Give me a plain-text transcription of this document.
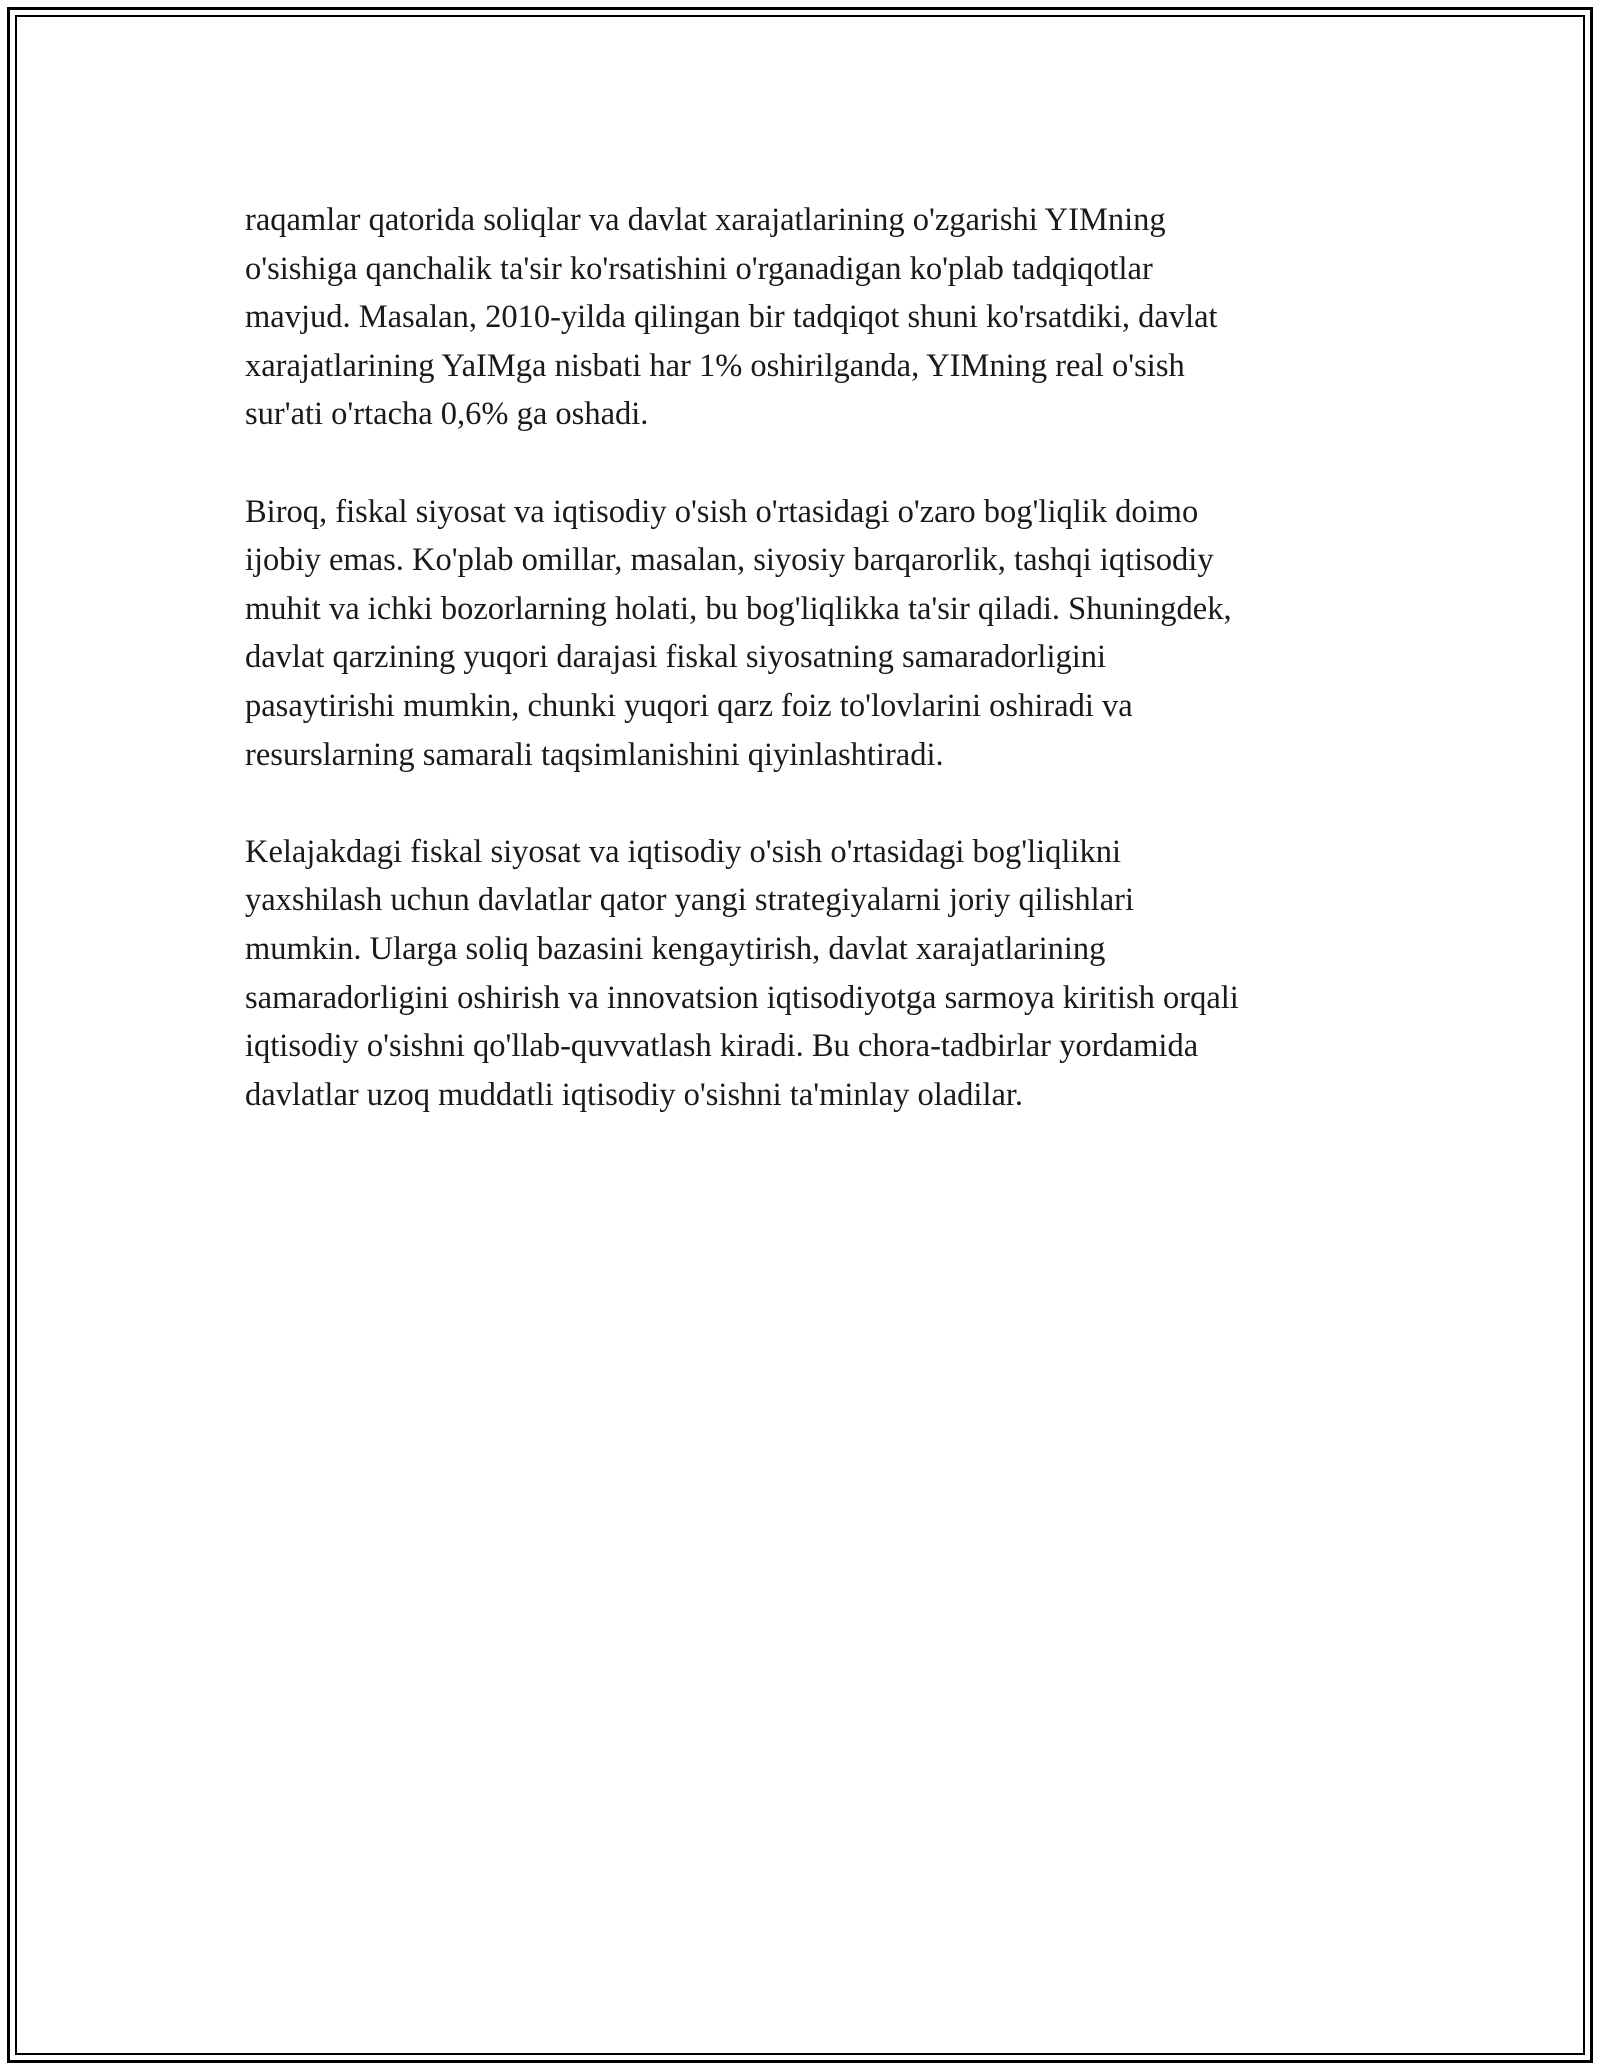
raqamlar qatorida soliqlar va davlat xarajatlarining o'zgarishi YIMning
o'sishiga qanchalik ta'sir ko'rsatishini o'rganadigan ko'plab tadqiqotlar
mavjud. Masalan, 2010-yilda qilingan bir tadqiqot shuni ko'rsatdiki, davlat
xarajatlarining YaIMga nisbati har 1% oshirilganda, YIMning real o'sish
sur'ati o'rtacha 0,6% ga oshadi.

Biroq, fiskal siyosat va iqtisodiy o'sish o'rtasidagi o'zaro bog'liqlik doimo
ijobiy emas. Ko'plab omillar, masalan, siyosiy barqarorlik, tashqi iqtisodiy
muhit va ichki bozorlarning holati, bu bog'liqlikka ta'sir qiladi. Shuningdek,
davlat qarzining yuqori darajasi fiskal siyosatning samaradorligini
pasaytirishi mumkin, chunki yuqori qarz foiz to'lovlarini oshiradi va
resurslarning samarali taqsimlanishini qiyinlashtiradi.

Kelajakdagi fiskal siyosat va iqtisodiy o'sish o'rtasidagi bog'liqlikni
yaxshilash uchun davlatlar qator yangi strategiyalarni joriy qilishlari
mumkin. Ularga soliq bazasini kengaytirish, davlat xarajatlarining
samaradorligini oshirish va innovatsion iqtisodiyotga sarmoya kiritish orqali
iqtisodiy o'sishni qo'llab-quvvatlash kiradi. Bu chora-tadbirlar yordamida
davlatlar uzoq muddatli iqtisodiy o'sishni ta'minlay oladilar.
